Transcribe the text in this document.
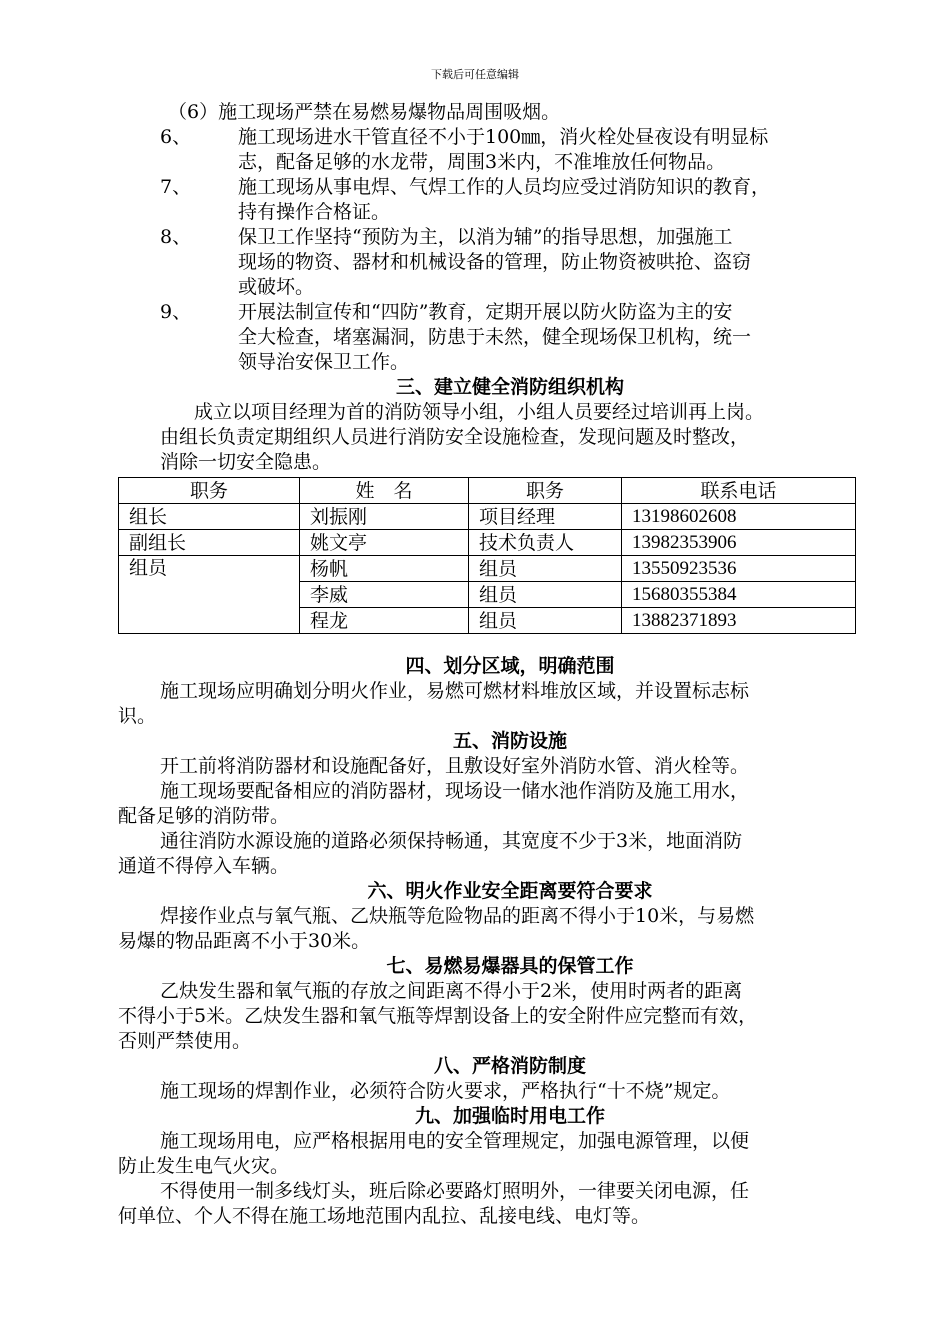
下载后可任意编辑

（6）施工现场严禁在易燃易爆物品周围吸烟。

6、	施工现场进水干管直径不小于100㎜，消火栓处昼夜设有明显标

志，配备足够的水龙带，周围3米内，不准堆放任何物品。

7、	施工现场从事电焊、气焊工作的人员均应受过消防知识的教育，

持有操作合格证。

8、	保卫工作坚持“预防为主，以消为辅”的指导思想，加强施工

现场的物资、器材和机械设备的管理，防止物资被哄抢、盗窃

或破坏。

9、	开展法制宣传和“四防”教育，定期开展以防火防盗为主的安

全大检查，堵塞漏洞，防患于未然，健全现场保卫机构，统一

领导治安保卫工作。

三、建立健全消防组织机构

　　成立以项目经理为首的消防领导小组，小组人员要经过培训再上岗。

由组长负责定期组织人员进行消防安全设施检查，发现问题及时整改，

消除一切安全隐患。

职务	姓　名	职务	联系电话
组长	刘振刚	项目经理	13198602608
副组长	姚文亭	技术负责人	13982353906
组员	杨帆	组员	13550923536
	李威	组员	15680355384
	程龙	组员	13882371893

四、划分区域，明确范围

施工现场应明确划分明火作业，易燃可燃材料堆放区域，并设置标志标

识。

五、消防设施

开工前将消防器材和设施配备好，且敷设好室外消防水管、消火栓等。

施工现场要配备相应的消防器材，现场设一储水池作消防及施工用水，

配备足够的消防带。

通往消防水源设施的道路必须保持畅通，其宽度不少于3米，地面消防

通道不得停入车辆。

六、明火作业安全距离要符合要求

焊接作业点与氧气瓶、乙炔瓶等危险物品的距离不得小于10米，与易燃

易爆的物品距离不小于30米。

七、易燃易爆器具的保管工作

乙炔发生器和氧气瓶的存放之间距离不得小于2米，使用时两者的距离

不得小于5米。乙炔发生器和氧气瓶等焊割设备上的安全附件应完整而有效，

否则严禁使用。

八、严格消防制度

施工现场的焊割作业，必须符合防火要求，严格执行“十不烧”规定。

九、加强临时用电工作

施工现场用电，应严格根据用电的安全管理规定，加强电源管理，以便

防止发生电气火灾。

不得使用一制多线灯头，班后除必要路灯照明外，一律要关闭电源，任

何单位、个人不得在施工场地范围内乱拉、乱接电线、电灯等。
